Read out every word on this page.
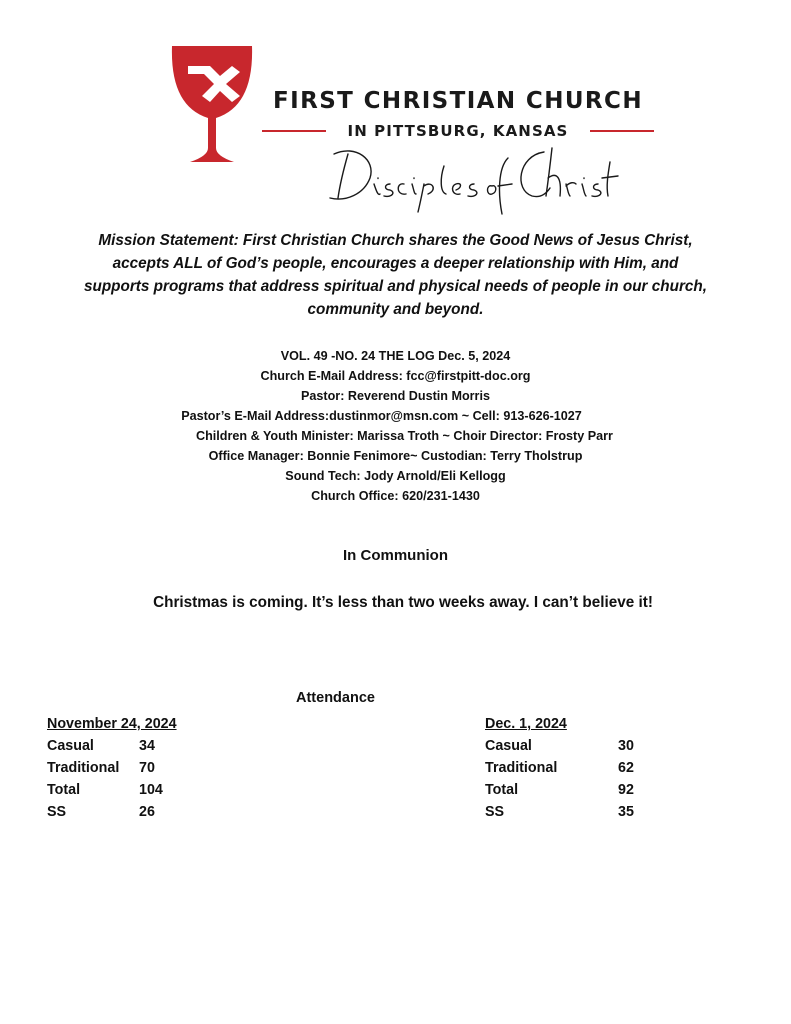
FIRST CHRISTIAN CHURCH
IN PITTSBURG, KANSAS
Mission Statement: First Christian Church shares the Good News of Jesus Christ,
accepts ALL of God’s people, encourages a deeper relationship with Him, and
supports programs that address spiritual and physical needs of people in our church,
community and beyond.
VOL. 49 -NO. 24 THE LOG Dec. 5, 2024
Church E-Mail Address: fcc@firstpitt-doc.org
Pastor: Reverend Dustin Morris
Pastor’s E-Mail Address:dustinmor@msn.com ~ Cell: 913-626-1027
Children & Youth Minister: Marissa Troth ~ Choir Director: Frosty Parr
Office Manager: Bonnie Fenimore~ Custodian: Terry Tholstrup
Sound Tech: Jody Arnold/Eli Kellogg
Church Office: 620/231-1430
In Communion
Christmas is coming. It’s less than two weeks away. I can’t believe it!
Attendance
November 24, 2024
Casual	34
Traditional	70
Total	104
SS	26
Dec. 1, 2024
Casual	30
Traditional	62
Total	92
SS	35
